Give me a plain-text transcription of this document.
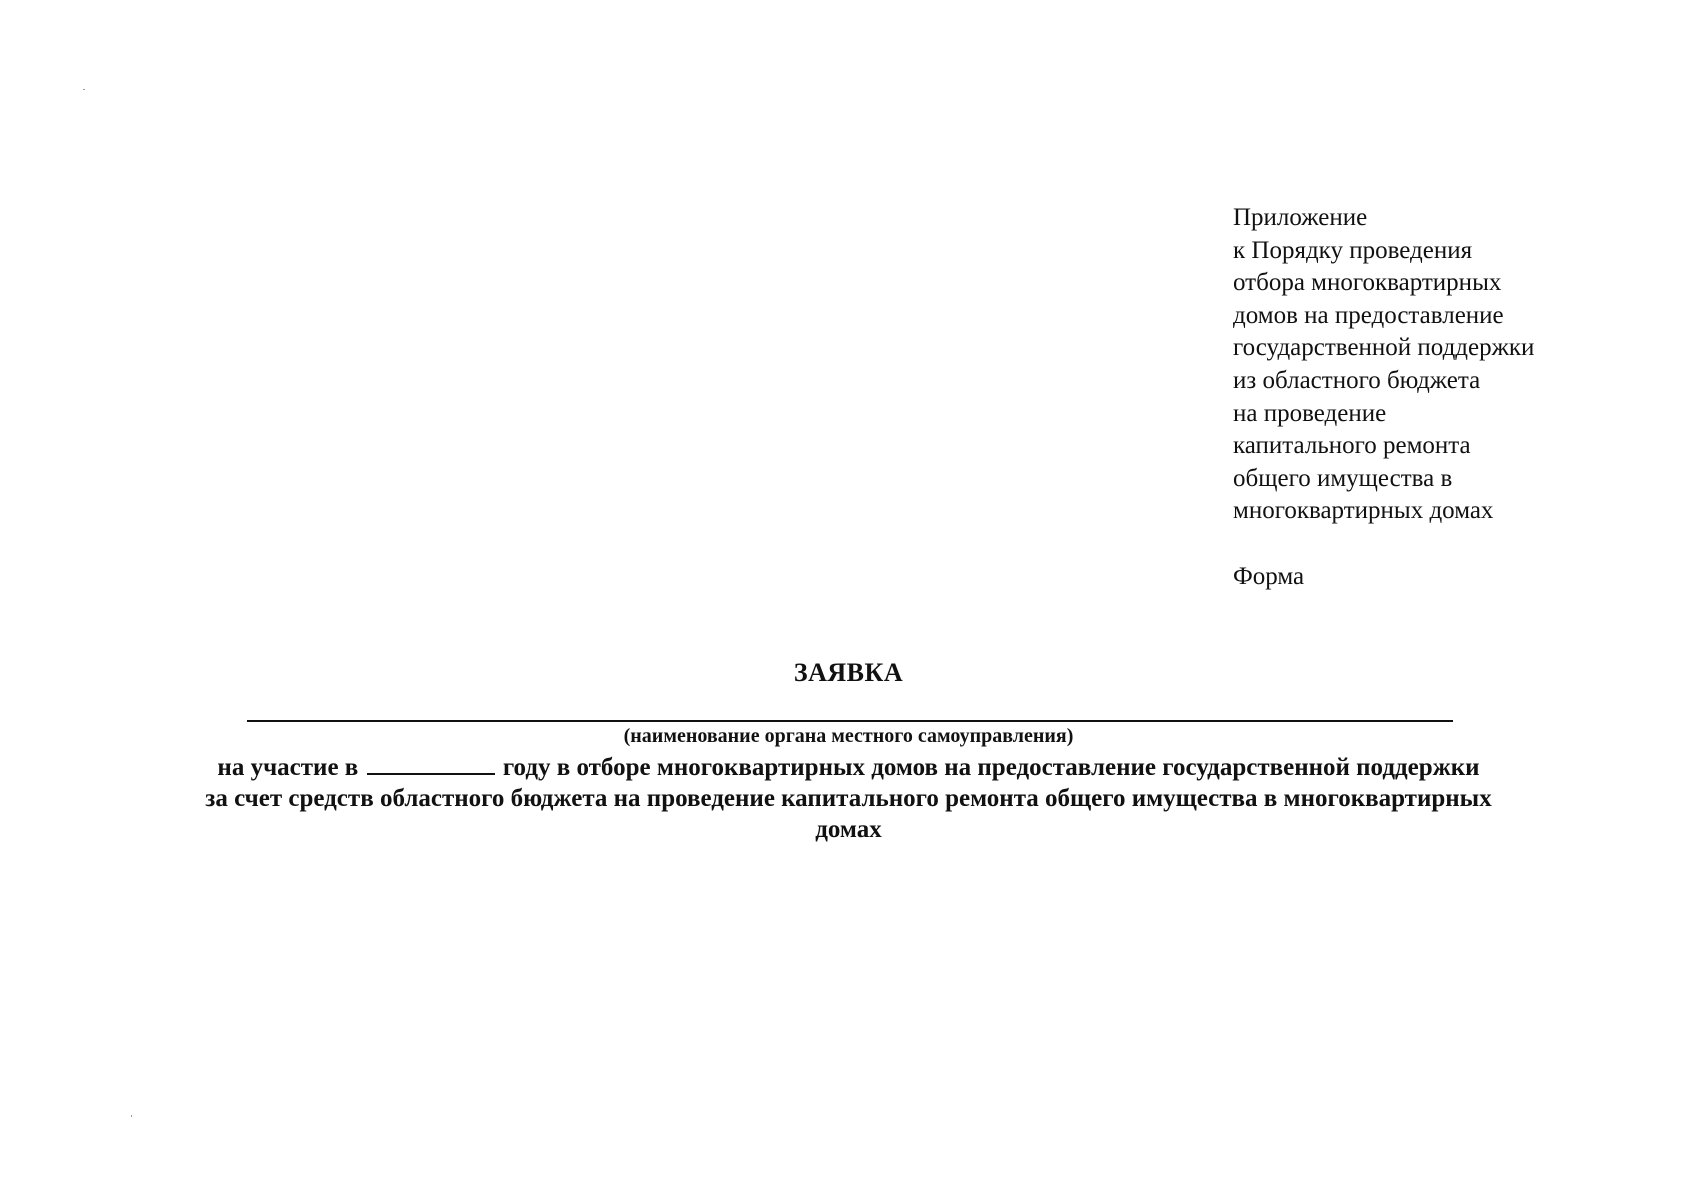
Приложение
к Порядку проведения
отбора многоквартирных
домов на предоставление
государственной поддержки
из областного бюджета
на проведение
капитального ремонта
общего имущества в
многоквартирных домах
Форма
ЗАЯВКА
(наименование органа местного самоуправления)
на участие в	году в отборе многоквартирных домов на предоставление государственной поддержки
за счет средств областного бюджета на проведение капитального ремонта общего имущества в многоквартирных
домах
